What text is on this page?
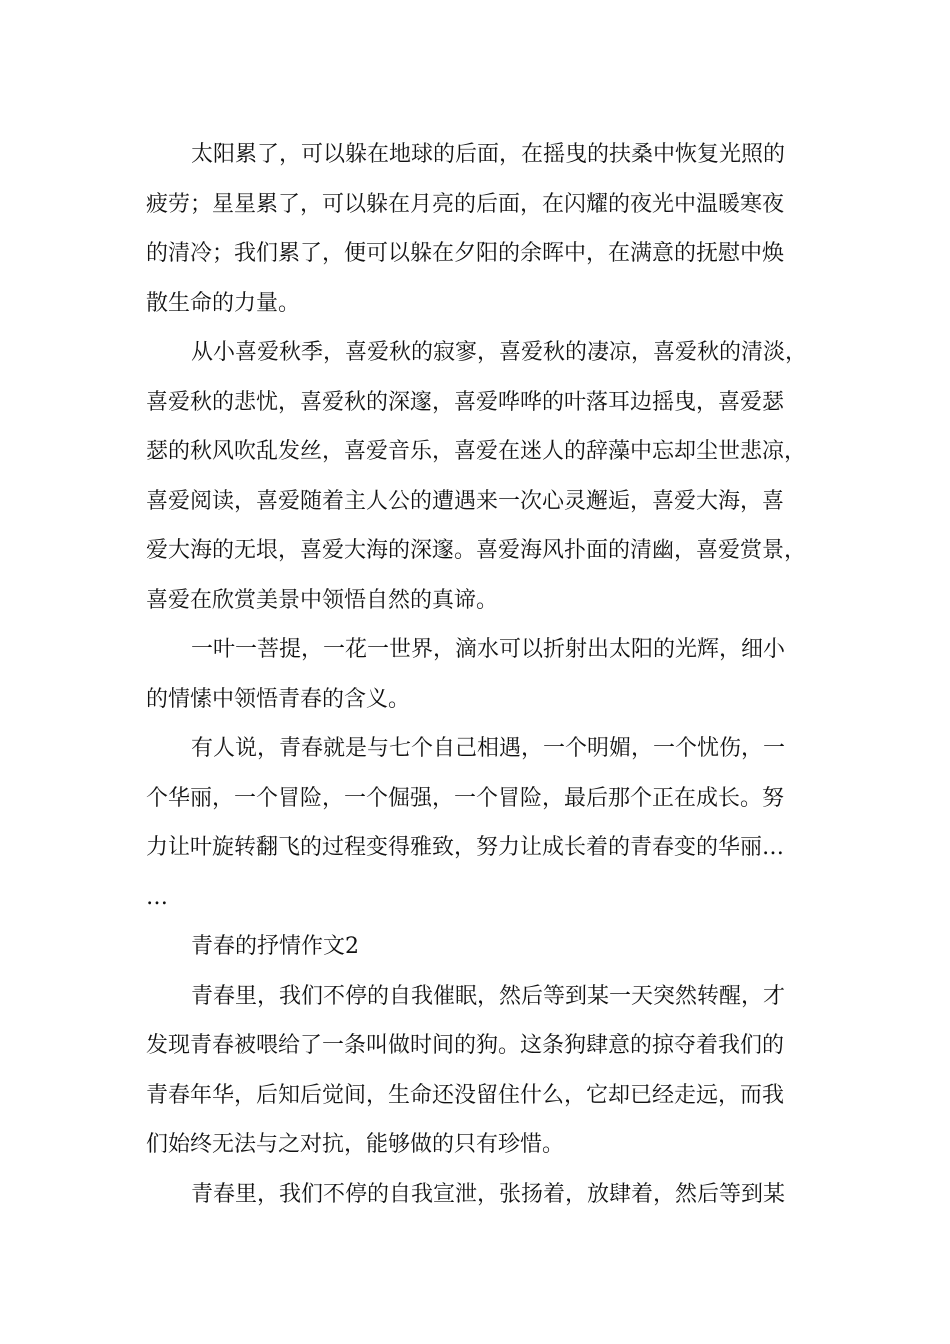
太阳累了，可以躲在地球的后面，在摇曳的扶桑中恢复光照的
疲劳；星星累了，可以躲在月亮的后面，在闪耀的夜光中温暖寒夜
的清冷；我们累了，便可以躲在夕阳的余晖中，在满意的抚慰中焕
散生命的力量。
从小喜爱秋季，喜爱秋的寂寥，喜爱秋的凄凉，喜爱秋的清淡，
喜爱秋的悲忧，喜爱秋的深邃，喜爱哗哗的叶落耳边摇曳，喜爱瑟
瑟的秋风吹乱发丝，喜爱音乐，喜爱在迷人的辞藻中忘却尘世悲凉，
喜爱阅读，喜爱随着主人公的遭遇来一次心灵邂逅，喜爱大海，喜
爱大海的无垠，喜爱大海的深邃。喜爱海风扑面的清幽，喜爱赏景，
喜爱在欣赏美景中领悟自然的真谛。
一叶一菩提，一花一世界，滴水可以折射出太阳的光辉，细小
的情愫中领悟青春的含义。
有人说，青春就是与七个自己相遇，一个明媚，一个忧伤，一
个华丽，一个冒险，一个倔强，一个冒险，最后那个正在成长。努
力让叶旋转翻飞的过程变得雅致，努力让成长着的青春变的华丽…
…
青春的抒情作文2
青春里，我们不停的自我催眠，然后等到某一天突然转醒，才
发现青春被喂给了一条叫做时间的狗。这条狗肆意的掠夺着我们的
青春年华，后知后觉间，生命还没留住什么，它却已经走远，而我
们始终无法与之对抗，能够做的只有珍惜。
青春里，我们不停的自我宣泄，张扬着，放肆着，然后等到某
